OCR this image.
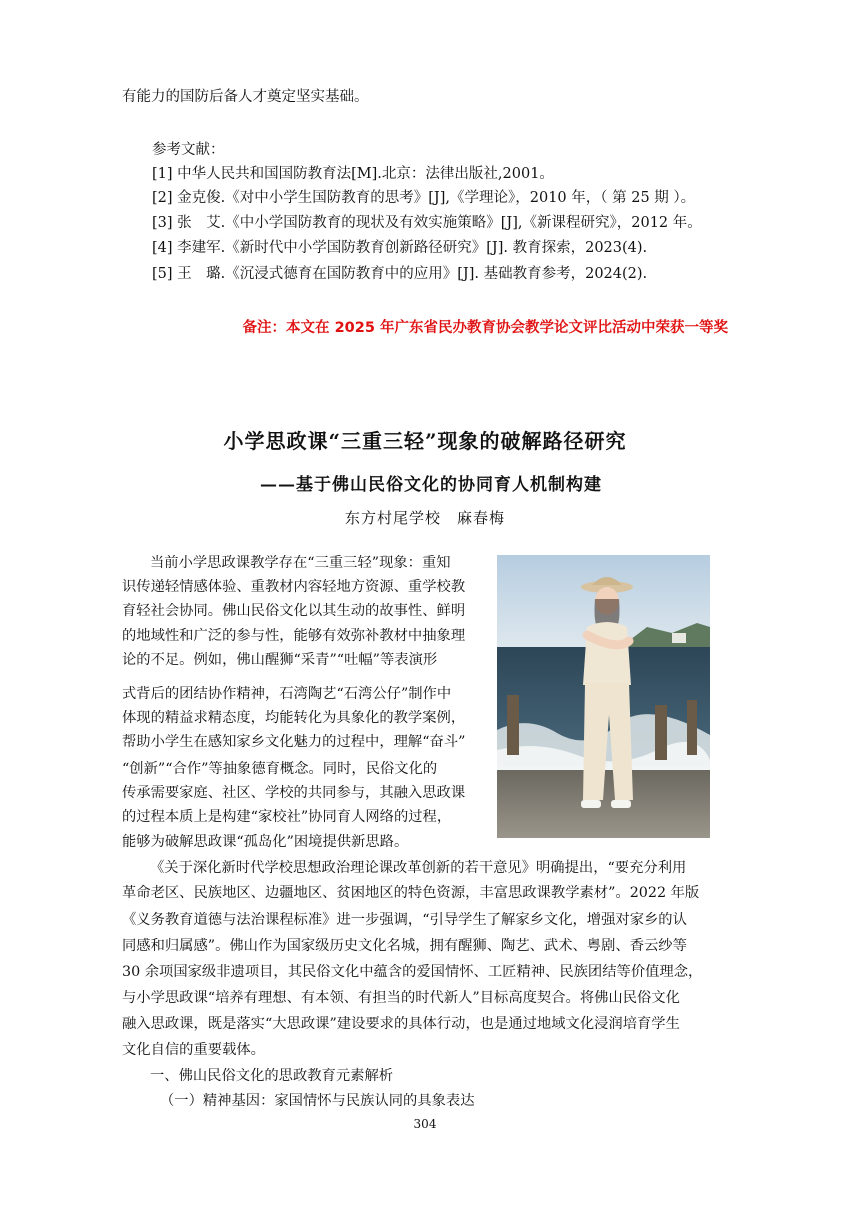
有能力的国防后备人才奠定坚实基础。
参考文献：
[1] 中华人民共和国国防教育法[M].北京：法律出版社,2001。
[2] 金克俊.《对中小学生国防教育的思考》[J],《学理论》，2010 年，（ 第 25 期 ）。
[3] 张　艾.《中小学国防教育的现状及有效实施策略》[J],《新课程研究》，2012 年。
[4] 李建军.《新时代中小学国防教育创新路径研究》[J]. 教育探索，2023(4).
[5] 王　璐.《沉浸式德育在国防教育中的应用》[J]. 基础教育参考，2024(2).
备注：本文在 2025 年广东省民办教育协会教学论文评比活动中荣获一等奖
小学思政课“三重三轻”现象的破解路径研究
——基于佛山民俗文化的协同育人机制构建
东方村尾学校　麻春梅
当前小学思政课教学存在“三重三轻”现象：重知
识传递轻情感体验、重教材内容轻地方资源、重学校教
育轻社会协同。佛山民俗文化以其生动的故事性、鲜明
的地域性和广泛的参与性，能够有效弥补教材中抽象理
论的不足。例如，佛山醒狮“采青”“吐幅”等表演形
式背后的团结协作精神，石湾陶艺“石湾公仔”制作中
体现的精益求精态度，均能转化为具象化的教学案例，
帮助小学生在感知家乡文化魅力的过程中，理解“奋斗”
“创新”“合作”等抽象德育概念。同时，民俗文化的
传承需要家庭、社区、学校的共同参与，其融入思政课
的过程本质上是构建“家校社”协同育人网络的过程，
能够为破解思政课“孤岛化”困境提供新思路。
《关于深化新时代学校思想政治理论课改革创新的若干意见》明确提出，“要充分利用
革命老区、民族地区、边疆地区、贫困地区的特色资源，丰富思政课教学素材”。2022 年版
《义务教育道德与法治课程标准》进一步强调，“引导学生了解家乡文化，增强对家乡的认
同感和归属感”。佛山作为国家级历史文化名城，拥有醒狮、陶艺、武术、粤剧、香云纱等
30 余项国家级非遗项目，其民俗文化中蕴含的爱国情怀、工匠精神、民族团结等价值理念，
与小学思政课“培养有理想、有本领、有担当的时代新人”目标高度契合。将佛山民俗文化
融入思政课，既是落实“大思政课”建设要求的具体行动，也是通过地域文化浸润培育学生
文化自信的重要载体。
一、佛山民俗文化的思政教育元素解析
（一）精神基因：家国情怀与民族认同的具象表达
304
